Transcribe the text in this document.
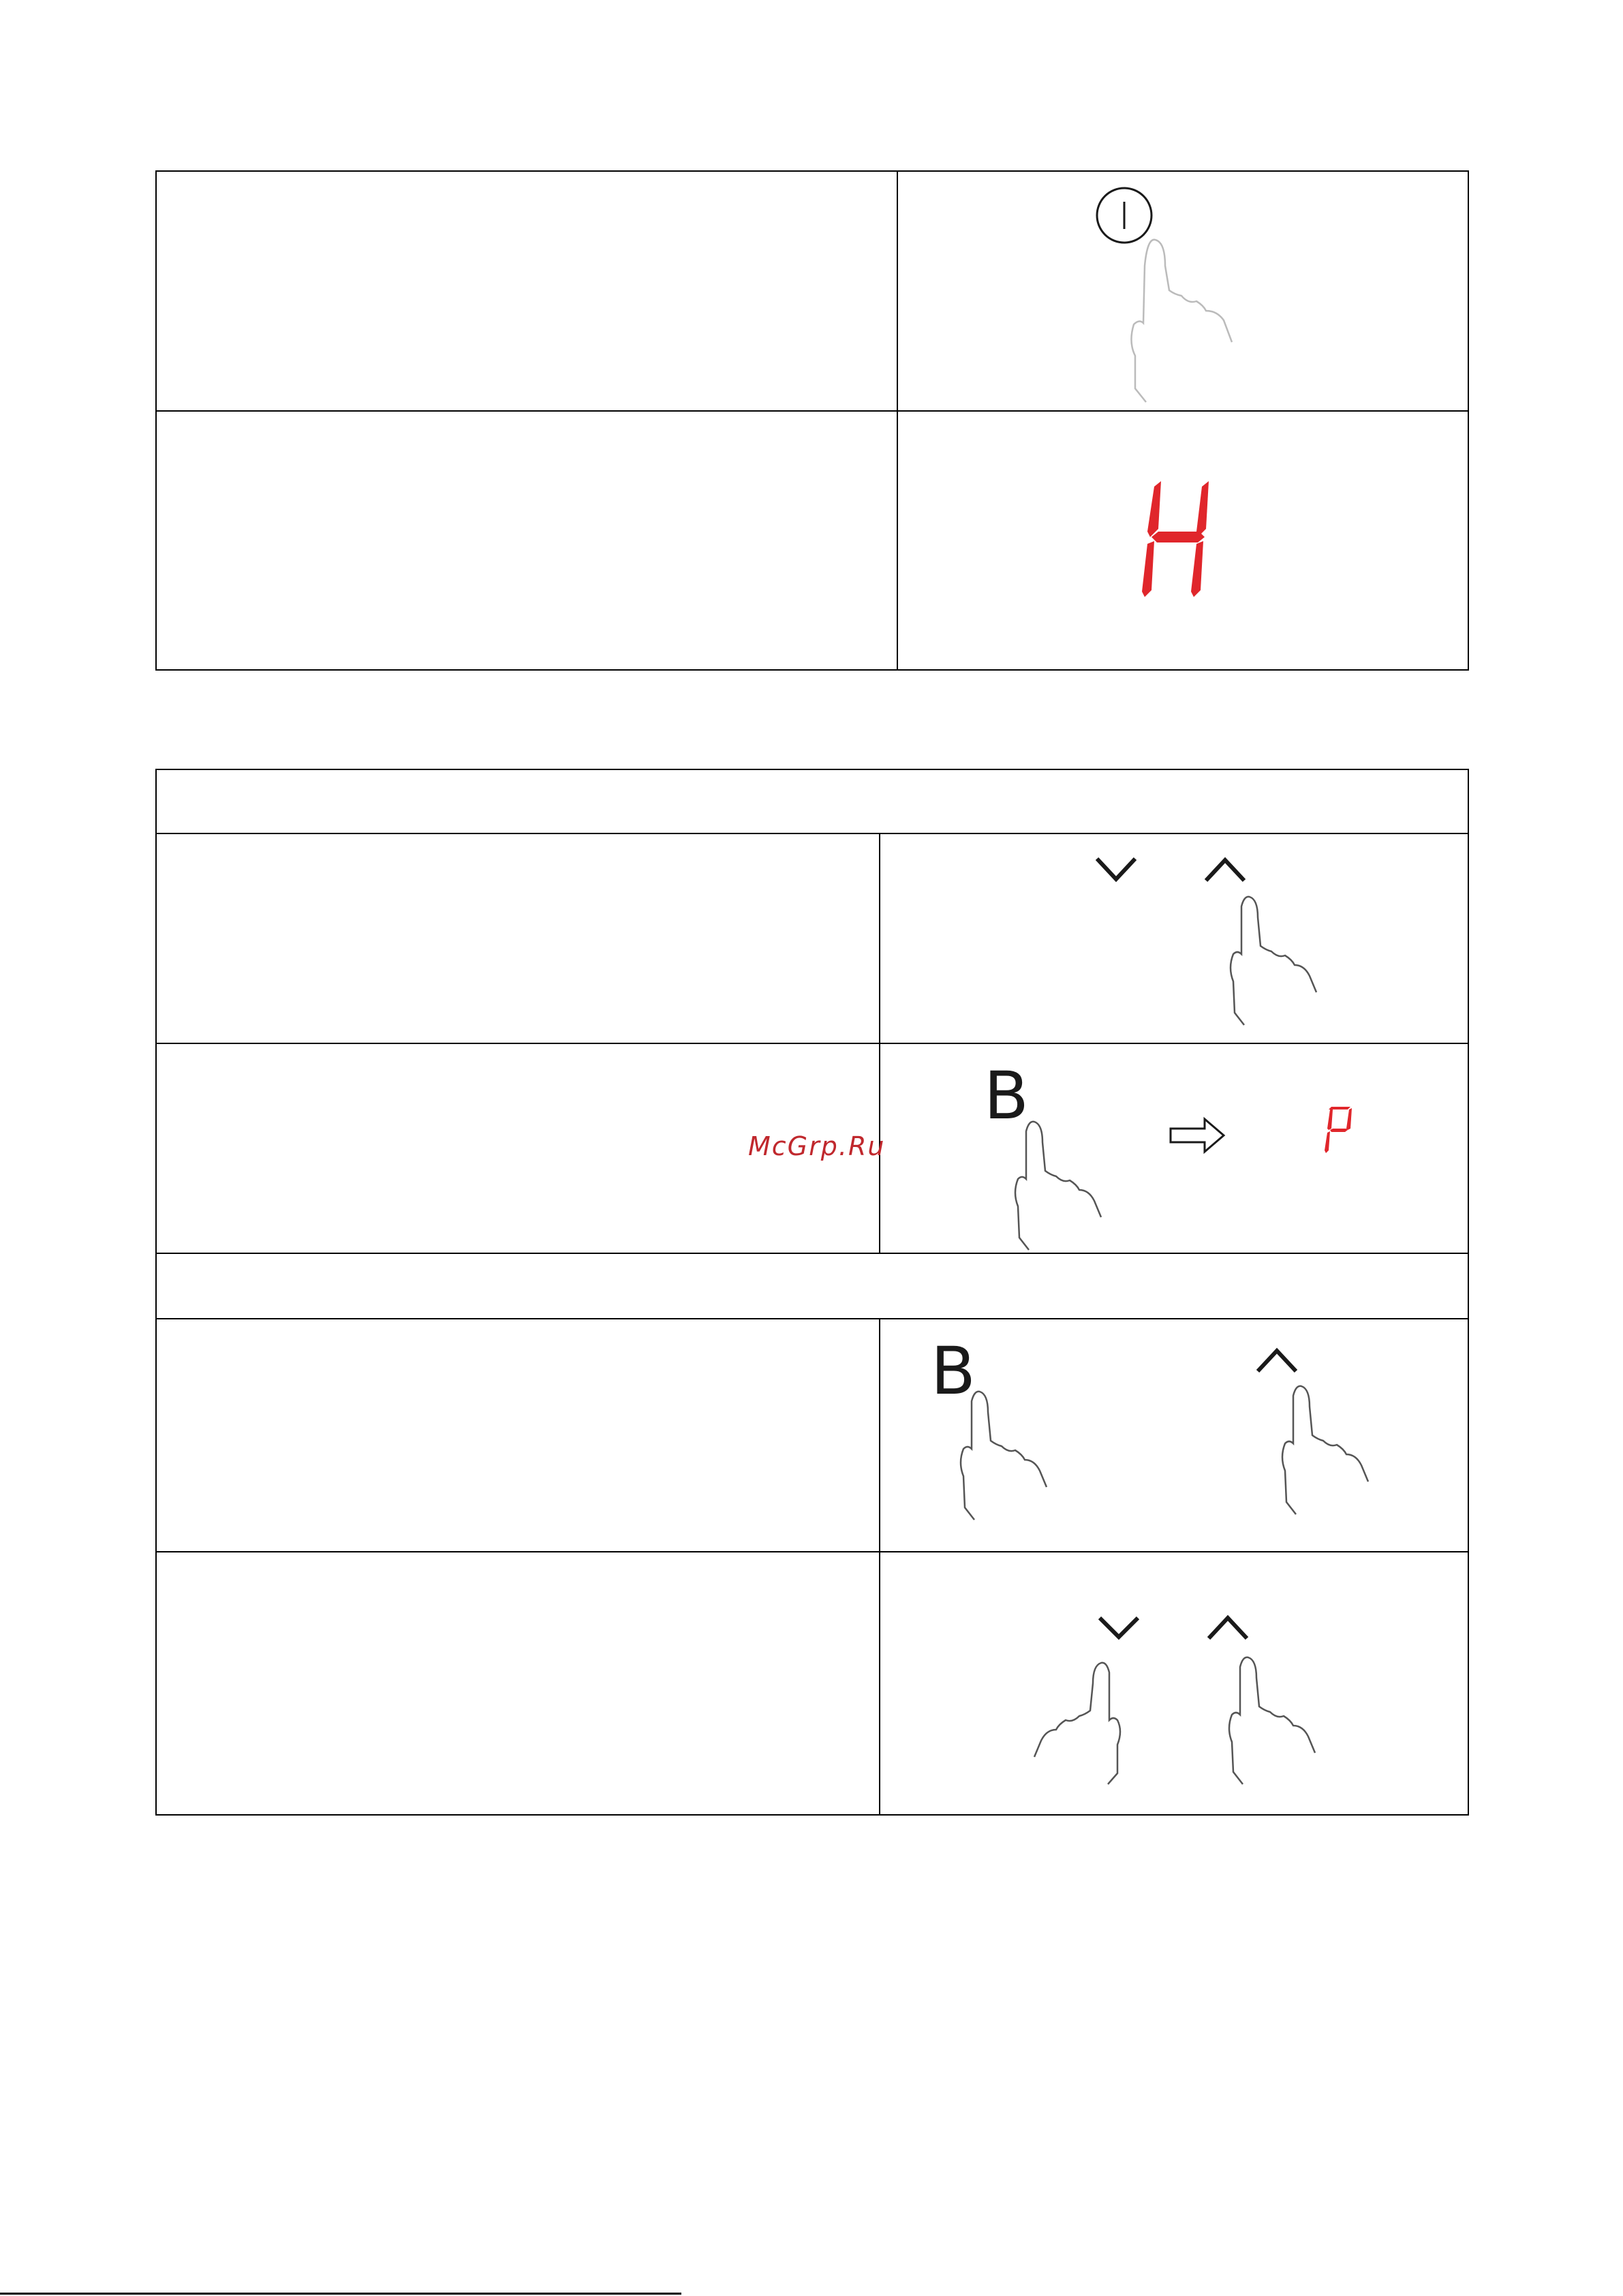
B
McGrp.Ru
B
